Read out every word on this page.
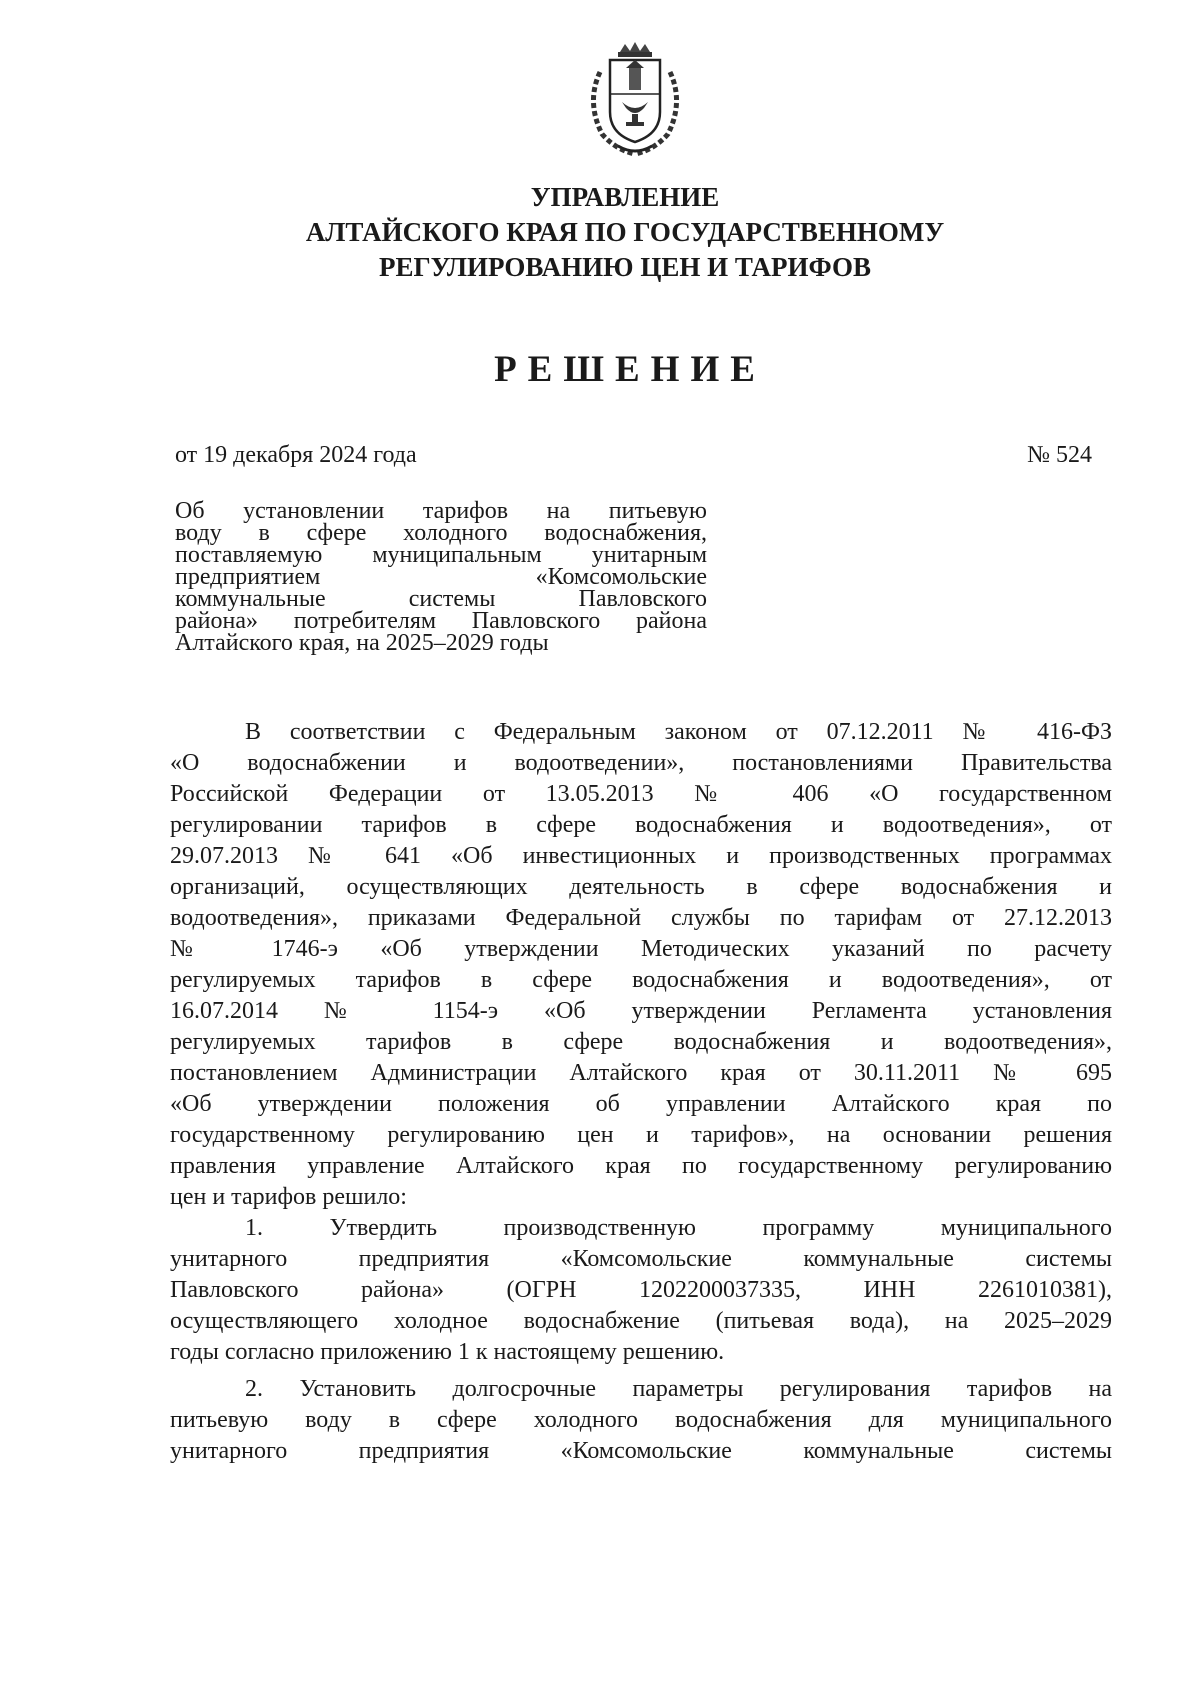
УПРАВЛЕНИЕ
АЛТАЙСКОГО КРАЯ ПО ГОСУДАРСТВЕННОМУ
РЕГУЛИРОВАНИЮ ЦЕН И ТАРИФОВ
РЕШЕНИЕ
от 19 декабря 2024 года	№ 524
Об установлении тарифов на питьевую
воду в сфере холодного водоснабжения,
поставляемую муниципальным унитарным
предприятием «Комсомольские
коммунальные системы Павловского
района» потребителям Павловского района
Алтайского края, на 2025–2029 годы
В соответствии с Федеральным законом от 07.12.2011 № 416-ФЗ
«О водоснабжении и водоотведении», постановлениями Правительства
Российской Федерации от 13.05.2013 № 406 «О государственном
регулировании тарифов в сфере водоснабжения и водоотведения», от
29.07.2013 № 641 «Об инвестиционных и производственных программах
организаций, осуществляющих деятельность в сфере водоснабжения и
водоотведения», приказами Федеральной службы по тарифам от 27.12.2013
№ 1746-э «Об утверждении Методических указаний по расчету
регулируемых тарифов в сфере водоснабжения и водоотведения», от
16.07.2014 № 1154-э «Об утверждении Регламента установления
регулируемых тарифов в сфере водоснабжения и водоотведения»,
постановлением Администрации Алтайского края от 30.11.2011 № 695
«Об утверждении положения об управлении Алтайского края по
государственному регулированию цен и тарифов», на основании решения
правления управление Алтайского края по государственному регулированию
цен и тарифов решило:
1. Утвердить производственную программу муниципального
унитарного предприятия «Комсомольские коммунальные системы
Павловского района» (ОГРН 1202200037335, ИНН 2261010381),
осуществляющего холодное водоснабжение (питьевая вода), на 2025–2029
годы согласно приложению 1 к настоящему решению.
2. Установить долгосрочные параметры регулирования тарифов на
питьевую воду в сфере холодного водоснабжения для муниципального
унитарного предприятия «Комсомольские коммунальные системы
